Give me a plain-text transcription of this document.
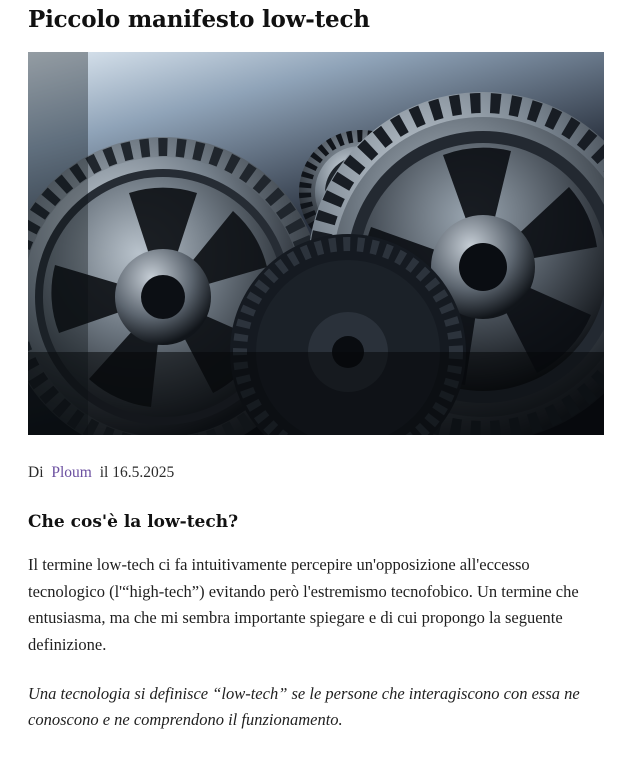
Piccolo manifesto low-tech

Di Ploum il 16.5.2025

Che cos'è la low-tech?

Il termine low-tech ci fa intuitivamente percepire un'opposizione all'eccesso tecnologico (l'“high-tech”) evitando però l'estremismo tecnofobico. Un termine che entusiasma, ma che mi sembra importante spiegare e di cui propongo la seguente definizione.

Una tecnologia si definisce “low-tech” se le persone che interagiscono con essa ne conoscono e ne comprendono il funzionamento.
